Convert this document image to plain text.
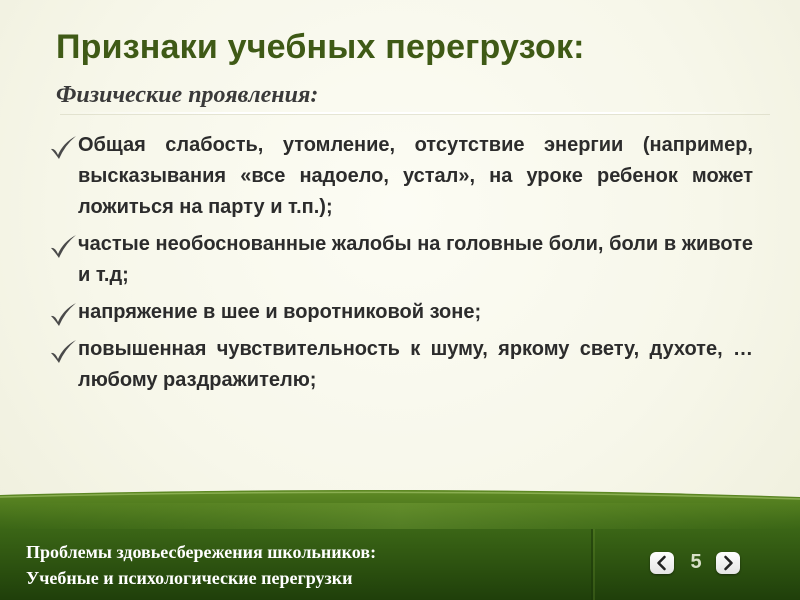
Признаки учебных перегрузок:
Физические проявления:
Общая слабость, утомление, отсутствие энергии (например, высказывания «все надоело, устал», на уроке ребенок может ложиться на парту и т.п.);
частые необоснованные жалобы на головные боли, боли в животе и т.д;
напряжение в шее и воротниковой зоне;
повышенная чувствительность к шуму, яркому свету, духоте, … любому раздражителю;
Проблемы здовьесбережения школьников:
Учебные и психологические перегрузки
5
